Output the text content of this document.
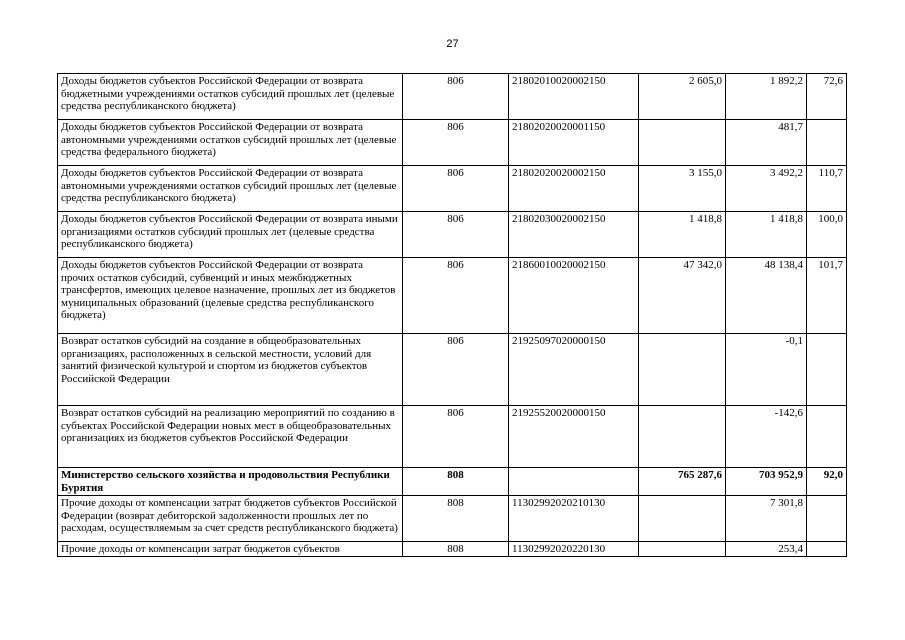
27
Доходы бюджетов субъектов Российской Федерации от возврата бюджетными учреждениями остатков субсидий прошлых лет (целевые средства республиканского бюджета)	806	21802010020002150	2 605,0	1 892,2	72,6
Доходы бюджетов субъектов Российской Федерации от возврата автономными учреждениями остатков субсидий прошлых лет (целевые средства федерального бюджета)	806	21802020020001150		481,7	
Доходы бюджетов субъектов Российской Федерации от возврата автономными учреждениями остатков субсидий прошлых лет (целевые средства республиканского бюджета)	806	21802020020002150	3 155,0	3 492,2	110,7
Доходы бюджетов субъектов Российской Федерации от возврата иными организациями остатков субсидий прошлых лет (целевые средства республиканского бюджета)	806	21802030020002150	1 418,8	1 418,8	100,0
Доходы бюджетов субъектов Российской Федерации от возврата прочих остатков субсидий, субвенций и иных межбюджетных трансфертов, имеющих целевое назначение, прошлых лет из бюджетов муниципальных образований (целевые средства республиканского бюджета)	806	21860010020002150	47 342,0	48 138,4	101,7
Возврат остатков субсидий на создание в общеобразовательных организациях, расположенных в сельской местности, условий для занятий физической культурой и спортом из бюджетов субъектов Российской Федерации	806	21925097020000150		-0,1	
Возврат остатков субсидий на реализацию мероприятий по созданию в субъектах Российской Федерации новых мест в общеобразовательных организациях из бюджетов субъектов Российской Федерации	806	21925520020000150		-142,6	
Министерство сельского хозяйства и продовольствия Республики Бурятия	808		765 287,6	703 952,9	92,0
Прочие доходы от компенсации затрат бюджетов субъектов Российской Федерации (возврат дебиторской задолженности прошлых лет по расходам, осуществляемым за счет средств республиканского бюджета)	808	11302992020210130		7 301,8	
Прочие доходы от компенсации затрат бюджетов субъектов	808	11302992020220130		253,4	
